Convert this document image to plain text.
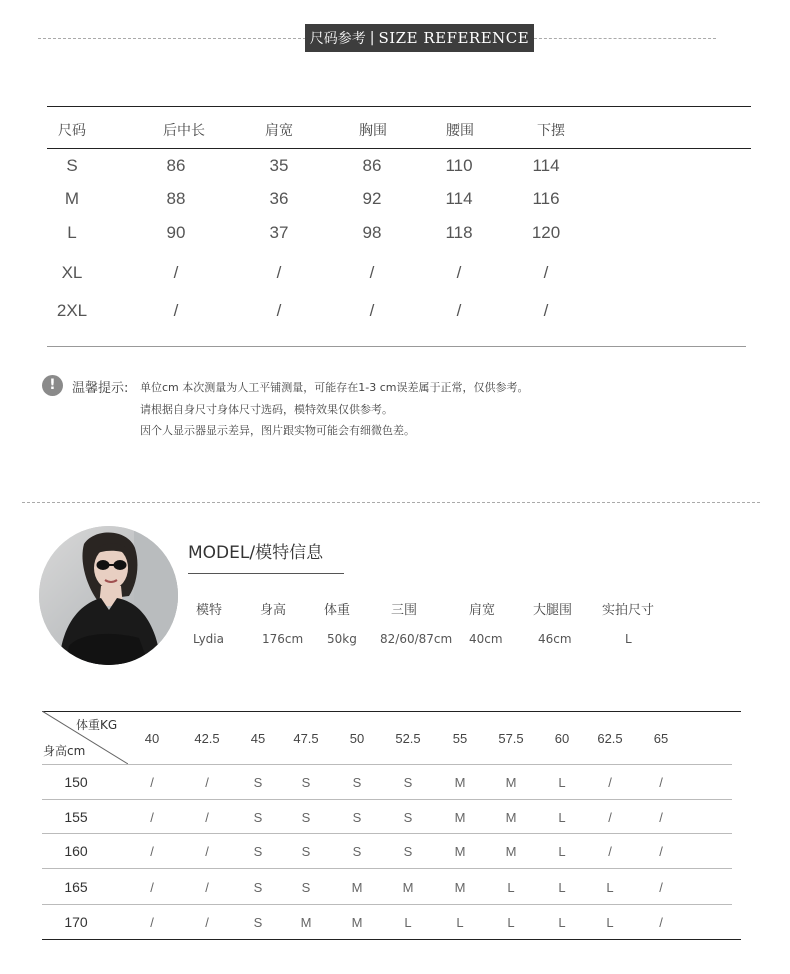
尺码参考 | SIZE REFERENCE
尺码	后中长	肩宽	胸围	腰围	下摆
S	86	35	86	110	114
M	88	36	92	114	116
L	90	37	98	118	120
XL	/	/	/	/	/
2XL	/	/	/	/	/
!	温馨提示: 单位cm 本次测量为人工平铺测量，可能存在1-3 cm误差属于正常，仅供参考。
请根据自身尺寸身体尺寸选码，模特效果仅供参考。
因个人显示器显示差异，图片跟实物可能会有细微色差。
MODEL/模特信息
模特	身高	体重	三围	肩宽	大腿围 实拍尺寸
Lydia	176cm 50kg 82/60/87cm 40cm	46cm	L
体重KG
身高cm
40	42.5	45	47.5	50	52.5	55	57.5	60	62.5	65
150	/	/	S	S	S	S	M	M	L	/	/
155	/	/	S	S	S	S	M	M	L	/	/
160	/	/	S	S	S	S	M	M	L	/	/
165	/	/	S	S	M	M	M	L	L	L	/
170	/	/	S	M	M	L	L	L	L	L	/
